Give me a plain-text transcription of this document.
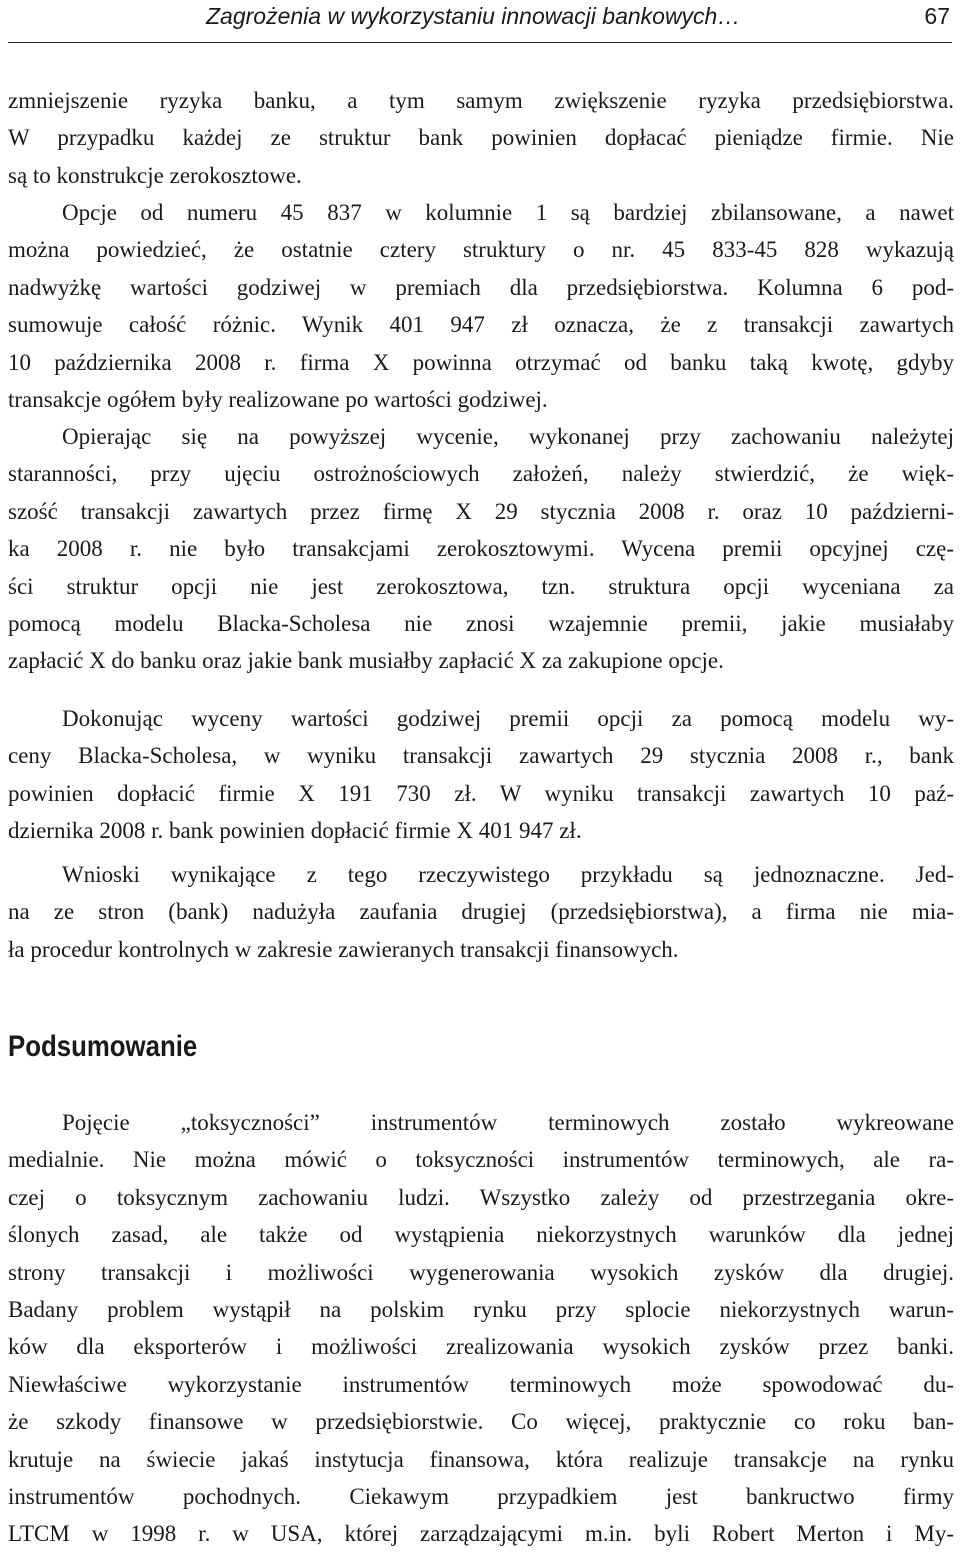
Zagrożenia w wykorzystaniu innowacji bankowych…	67
zmniejszenie ryzyka banku, a tym samym zwiększenie ryzyka przedsiębiorstwa.
W przypadku każdej ze struktur bank powinien dopłacać pieniądze firmie. Nie
są to konstrukcje zerokosztowe.
Opcje od numeru 45 837 w kolumnie 1 są bardziej zbilansowane, a nawet
można powiedzieć, że ostatnie cztery struktury o nr. 45 833-45 828 wykazują
nadwyżkę wartości godziwej w premiach dla przedsiębiorstwa. Kolumna 6 pod-
sumowuje całość różnic. Wynik 401 947 zł oznacza, że z transakcji zawartych
10 października 2008 r. firma X powinna otrzymać od banku taką kwotę, gdyby
transakcje ogółem były realizowane po wartości godziwej.
Opierając się na powyższej wycenie, wykonanej przy zachowaniu należytej
staranności, przy ujęciu ostrożnościowych założeń, należy stwierdzić, że więk-
szość transakcji zawartych przez firmę X 29 stycznia 2008 r. oraz 10 październi-
ka 2008 r. nie było transakcjami zerokosztowymi. Wycena premii opcyjnej czę-
ści struktur opcji nie jest zerokosztowa, tzn. struktura opcji wyceniana za
pomocą modelu Blacka-Scholesa nie znosi wzajemnie premii, jakie musiałaby
zapłacić X do banku oraz jakie bank musiałby zapłacić X za zakupione opcje.
Dokonując wyceny wartości godziwej premii opcji za pomocą modelu wy-
ceny Blacka-Scholesa, w wyniku transakcji zawartych 29 stycznia 2008 r., bank
powinien dopłacić firmie X 191 730 zł. W wyniku transakcji zawartych 10 paź-
dziernika 2008 r. bank powinien dopłacić firmie X 401 947 zł.
Wnioski wynikające z tego rzeczywistego przykładu są jednoznaczne. Jed-
na ze stron (bank) nadużyła zaufania drugiej (przedsiębiorstwa), a firma nie mia-
ła procedur kontrolnych w zakresie zawieranych transakcji finansowych.
Podsumowanie
Pojęcie „toksyczności” instrumentów terminowych zostało wykreowane
medialnie. Nie można mówić o toksyczności instrumentów terminowych, ale ra-
czej o toksycznym zachowaniu ludzi. Wszystko zależy od przestrzegania okre-
ślonych zasad, ale także od wystąpienia niekorzystnych warunków dla jednej
strony transakcji i możliwości wygenerowania wysokich zysków dla drugiej.
Badany problem wystąpił na polskim rynku przy splocie niekorzystnych warun-
ków dla eksporterów i możliwości zrealizowania wysokich zysków przez banki.
Niewłaściwe wykorzystanie instrumentów terminowych może spowodować du-
że szkody finansowe w przedsiębiorstwie. Co więcej, praktycznie co roku ban-
krutuje na świecie jakaś instytucja finansowa, która realizuje transakcje na rynku
instrumentów pochodnych. Ciekawym przypadkiem jest bankructwo firmy
LTCM w 1998 r. w USA, której zarządzającymi m.in. byli Robert Merton i My-
